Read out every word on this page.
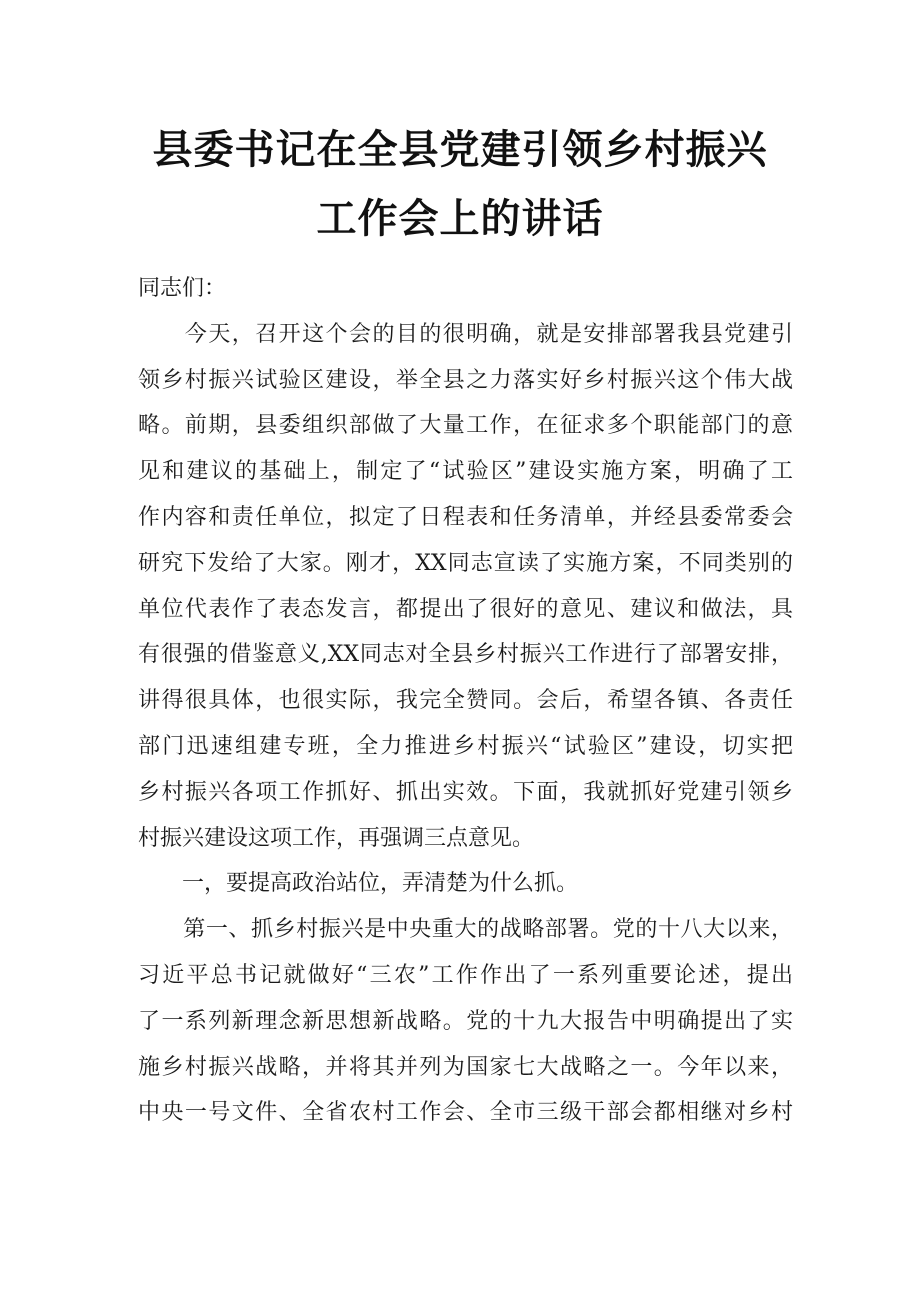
县委书记在全县党建引领乡村振兴
工作会上的讲话

同志们：

　　今天，召开这个会的目的很明确，就是安排部署我县党建引

领乡村振兴试验区建设，举全县之力落实好乡村振兴这个伟大战

略。前期，县委组织部做了大量工作，在征求多个职能部门的意

见和建议的基础上，制定了“试验区”建设实施方案，明确了工

作内容和责任单位，拟定了日程表和任务清单，并经县委常委会

研究下发给了大家。刚才，XX同志宣读了实施方案，不同类别的

单位代表作了表态发言，都提出了很好的意见、建议和做法，具

有很强的借鉴意义,XX同志对全县乡村振兴工作进行了部署安排，

讲得很具体，也很实际，我完全赞同。会后，希望各镇、各责任

部门迅速组建专班，全力推进乡村振兴“试验区”建设，切实把

乡村振兴各项工作抓好、抓出实效。下面，我就抓好党建引领乡

村振兴建设这项工作，再强调三点意见。

　　一，要提高政治站位，弄清楚为什么抓。

　　第一、抓乡村振兴是中央重大的战略部署。党的十八大以来，

习近平总书记就做好“三农”工作作出了一系列重要论述，提出

了一系列新理念新思想新战略。党的十九大报告中明确提出了实

施乡村振兴战略，并将其并列为国家七大战略之一。今年以来，

中央一号文件、全省农村工作会、全市三级干部会都相继对乡村
